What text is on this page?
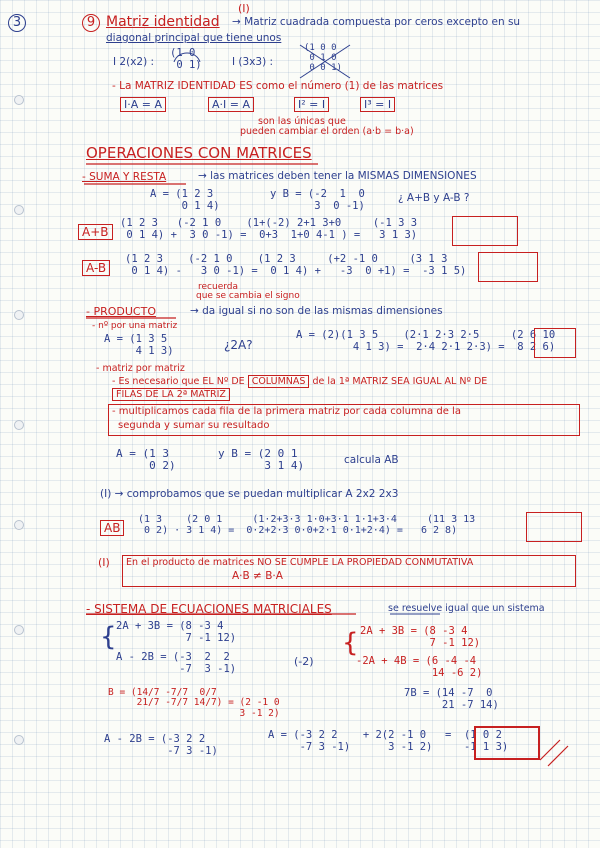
3	9 Matriz identidad
(I)
→ Matriz cuadrada compuesta por ceros excepto en su
diagonal principal que tiene unos
I 2(x2) :
(1 0
0 1)	I (3x3) :
(1 0 0
0 1 0
0 0 1)
- La MATRIZ IDENTIDAD ES como el número (1) de las matrices
I·A = A	A·I = A	I² = I	I³ = I
son las únicas que
pueden cambiar el orden (a·b = b·a)
OPERACIONES CON MATRICES
- SUMA Y RESTA	→ las matrices deben tener la MISMAS DIMENSIONES
A = (1 2 3
0 1 4)
y B = (-2  1  0
3  0 -1)
¿ A+B y A-B ?
A+B
(1 2 3   (-2 1 0    (1+(-2) 2+1 3+0     (-1 3 3
0 1 4) +  3 0 -1) =  0+3  1+0 4-1 ) =   3 1 3)
A-B
(1 2 3    (-2 1 0    (1 2 3     (+2 -1 0     (3 1 3
0 1 4) -   3 0 -1) =  0 1 4) +   -3  0 +1) =  -3 1 5)
recuerda
que se cambia el signo
- PRODUCTO	→ da igual si no son de las mismas dimensiones
- nº por una matriz
A = (1 3 5
4 1 3)	¿2A?
A = (2)(1 3 5    (2·1 2·3 2·5     (2 6 10
4 1 3) =  2·4 2·1 2·3) =  8 2 6)
- matriz por matriz
- Es necesario que EL Nº DE COLUMNAS de la 1ª MATRIZ SEA IGUAL AL Nº DE
FILAS DE LA 2ª MATRIZ
- multiplicamos cada fila de la primera matriz por cada columna de la
segunda y sumar su resultado
A = (1 3
0 2)
y B = (2 0 1
3 1 4)	calcula AB
(I) → comprobamos que se puedan multiplicar A 2x2 2x3
AB
(1 3    (2 0 1     (1·2+3·3 1·0+3·1 1·1+3·4     (11 3 13
0 2) · 3 1 4) =  0·2+2·3 0·0+2·1 0·1+2·4) =   6 2 8)
(I) En el producto de matrices NO SE CUMPLE LA PROPIEDAD CONMUTATIVA
A·B ≠ B·A
- SISTEMA DE ECUACIONES MATRICIALES	se resuelve igual que un sistema
{ 2A + 3B = (8 -3 4
7 -1 12)
A - 2B = (-3  2  2
-7  3 -1)
(-2)
{ 2A + 3B = (8 -3 4
7 -1 12)
-2A + 4B = (6 -4 -4
14 -6 2)
7B = (14 -7  0
21 -7 14)
B = (14/7 -7/7  0/7
21/7 -7/7 14/7) = (2 -1 0
3 -1 2)
A - 2B = (-3 2 2
-7 3 -1)
A = (-3 2 2    + 2(2 -1 0   =  (1 0 2
-7 3 -1)      3 -1 2)     -1 1 3)
